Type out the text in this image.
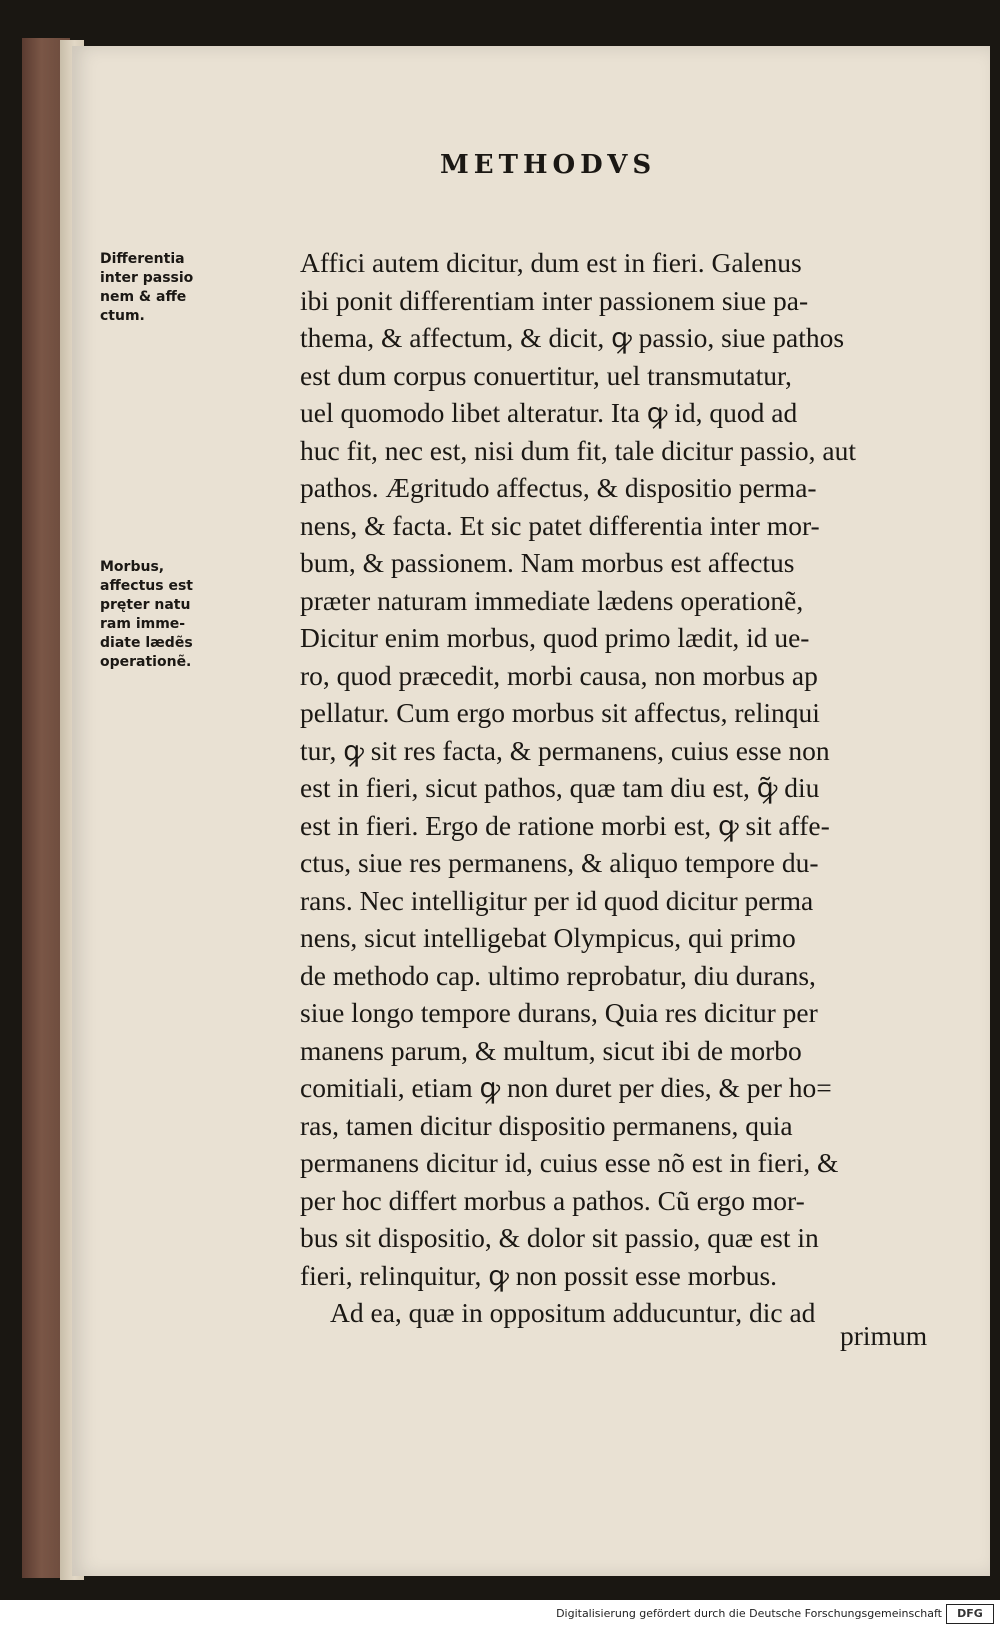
METHODVS
Differentia
inter passio
nem & affe
ctum.
Morbus,
affectus est
pręter natu
ram imme-
diate lædẽs
operationẽ.
Affici autem dicitur, dum est in fieri. Galenus
ibi ponit differentiam inter passionem siue pa-
thema, & affectum, & dicit, ꝙ passio, siue pathos
est dum corpus conuertitur, uel transmutatur,
uel quomodo libet alteratur. Ita ꝙ id, quod ad
huc fit, nec est, nisi dum fit, tale dicitur passio, aut
pathos. Ægritudo affectus, & dispositio perma-
nens, & facta. Et sic patet differentia inter mor-
bum, & passionem. Nam morbus est affectus
præter naturam immediate lædens operationẽ,
Dicitur enim morbus, quod primo lædit, id ue-
ro, quod præcedit, morbi causa, non morbus ap
pellatur. Cum ergo morbus sit affectus, relinqui
tur, ꝙ sit res facta, & permanens, cuius esse non
est in fieri, sicut pathos, quæ tam diu est, ꝙ̃ diu
est in fieri. Ergo de ratione morbi est, ꝙ sit affe-
ctus, siue res permanens, & aliquo tempore du-
rans. Nec intelligitur per id quod dicitur perma
nens, sicut intelligebat Olympicus, qui primo
de methodo cap. ultimo reprobatur, diu durans,
siue longo tempore durans, Quia res dicitur per
manens parum, & multum, sicut ibi de morbo
comitiali, etiam ꝙ non duret per dies, & per ho=
ras, tamen dicitur dispositio permanens, quia
permanens dicitur id, cuius esse nõ est in fieri, &
per hoc differt morbus a pathos. Cũ ergo mor-
bus sit dispositio, & dolor sit passio, quæ est in
fieri, relinquitur, ꝙ non possit esse morbus.
Ad ea, quæ in oppositum adducuntur, dic ad
primum
Digitalisierung gefördert durch die Deutsche Forschungsgemeinschaft	DFG
